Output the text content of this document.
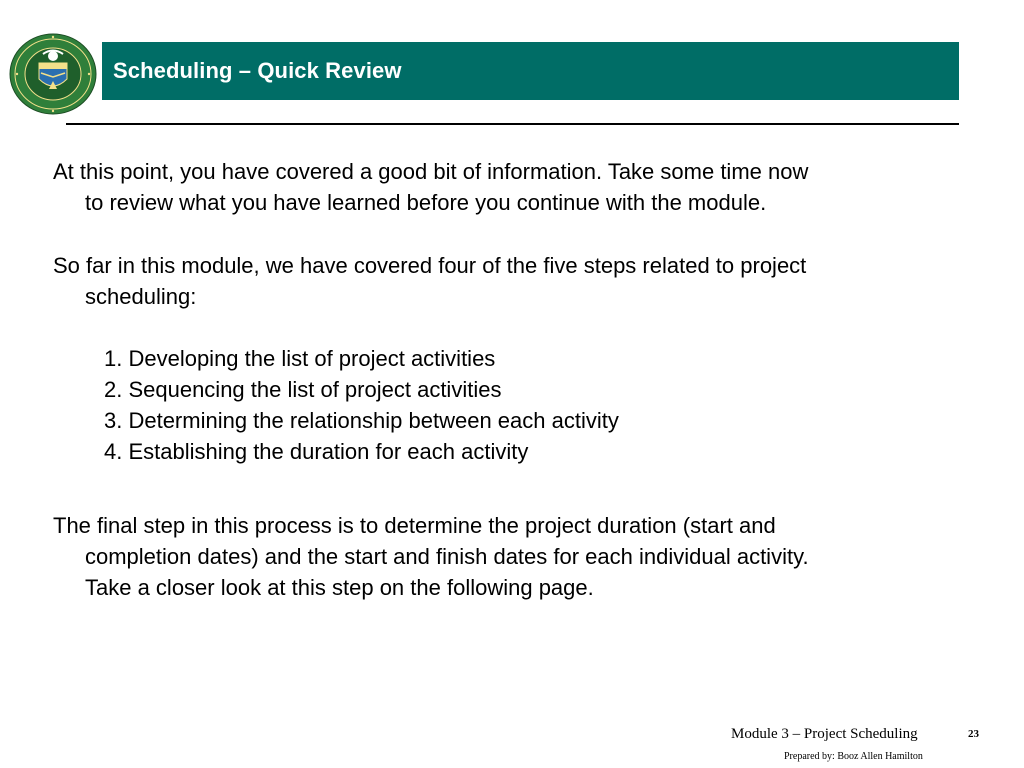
Scheduling – Quick Review
At this point, you have covered a good bit of information. Take some time now
to review what you have learned before you continue with the module.
So far in this module, we have covered four of the five steps related to project
scheduling:
1. Developing the list of project activities
2. Sequencing the list of project activities
3. Determining the relationship between each activity
4. Establishing the duration for each activity
The final step in this process is to determine the project duration (start and
completion dates) and the start and finish dates for each individual activity.
Take a closer look at this step on the following page.
Module 3 – Project Scheduling	23
Prepared by: Booz Allen Hamilton
